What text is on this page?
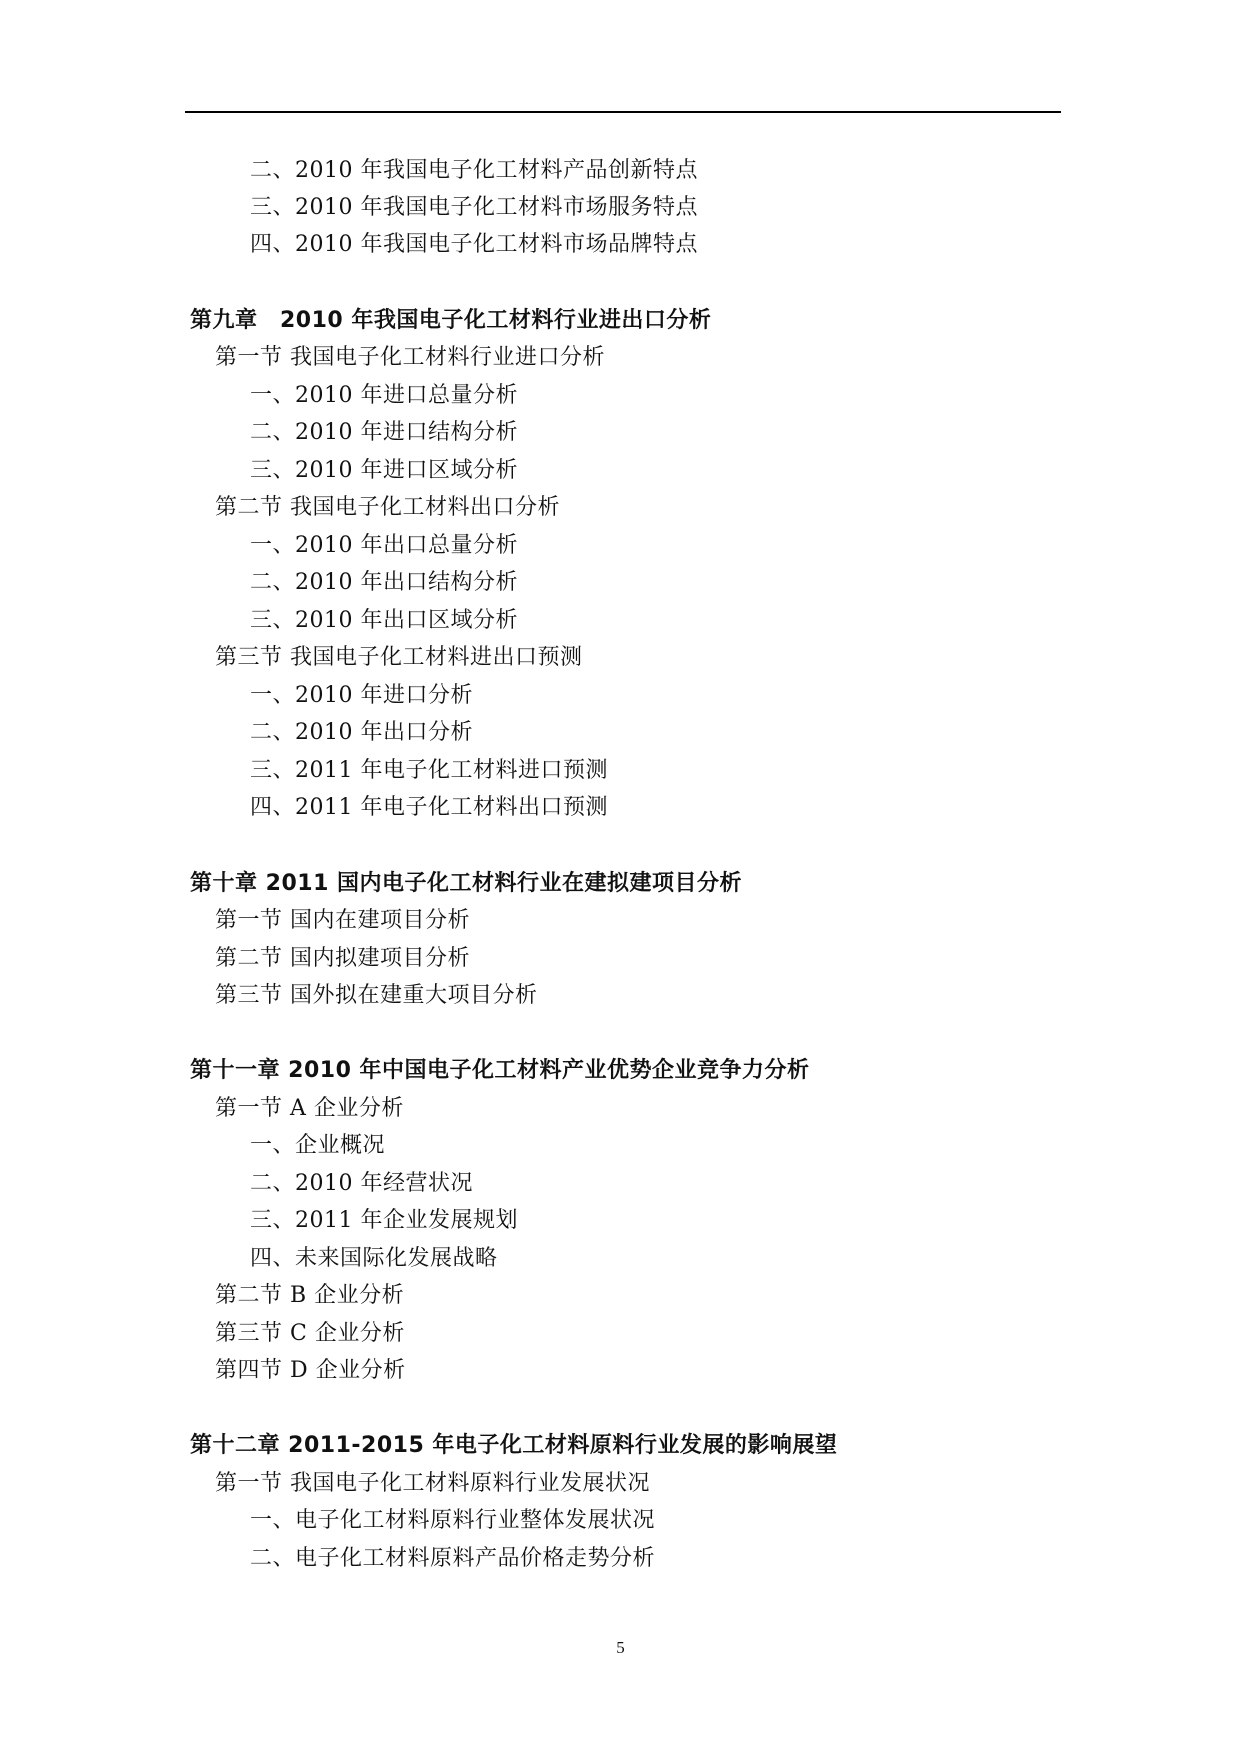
二、2010 年我国电子化工材料产品创新特点
三、2010 年我国电子化工材料市场服务特点
四、2010 年我国电子化工材料市场品牌特点
第九章　2010 年我国电子化工材料行业进出口分析
第一节 我国电子化工材料行业进口分析
一、2010 年进口总量分析
二、2010 年进口结构分析
三、2010 年进口区域分析
第二节 我国电子化工材料出口分析
一、2010 年出口总量分析
二、2010 年出口结构分析
三、2010 年出口区域分析
第三节 我国电子化工材料进出口预测
一、2010 年进口分析
二、2010 年出口分析
三、2011 年电子化工材料进口预测
四、2011 年电子化工材料出口预测
第十章 2011 国内电子化工材料行业在建拟建项目分析
第一节 国内在建项目分析
第二节 国内拟建项目分析
第三节 国外拟在建重大项目分析
第十一章 2010 年中国电子化工材料产业优势企业竞争力分析
第一节 A 企业分析
一、企业概况
二、2010 年经营状况
三、2011 年企业发展规划
四、未来国际化发展战略
第二节 B 企业分析
第三节 C 企业分析
第四节 D 企业分析
第十二章 2011-2015 年电子化工材料原料行业发展的影响展望
第一节 我国电子化工材料原料行业发展状况
一、电子化工材料原料行业整体发展状况
二、电子化工材料原料产品价格走势分析
5
